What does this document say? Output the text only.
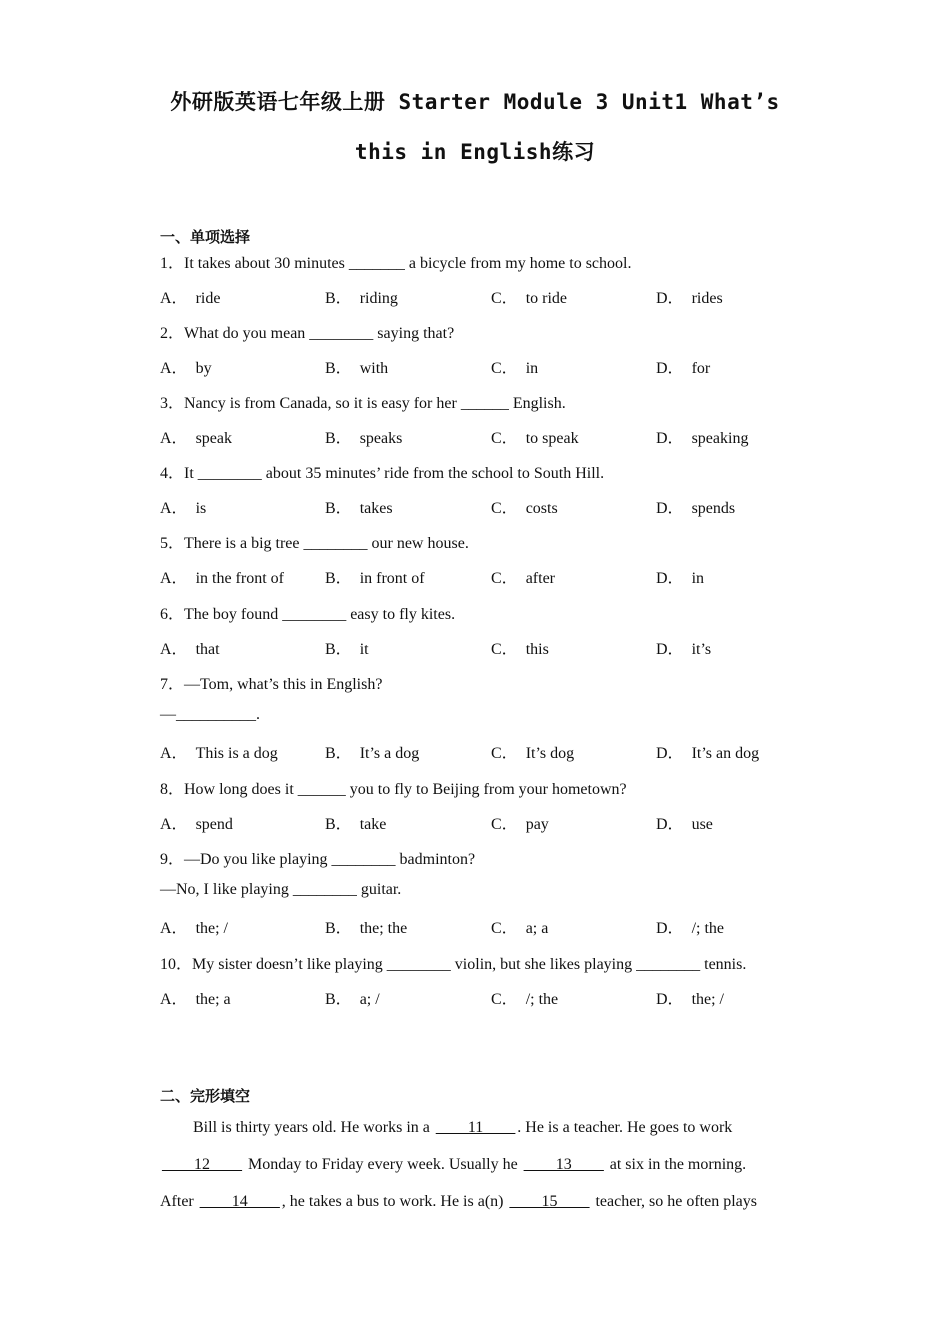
外研版英语七年级上册 Starter Module 3 Unit1 What’s
this in English练习
一、单项选择
1．It takes about 30 minutes _______ a bicycle from my home to school.
A． ride	B． riding	C． to ride	D． rides
2．What do you mean ________ saying that?
A． by	B． with	C． in	D． for
3．Nancy is from Canada, so it is easy for her ______ English.
A． speak	B． speaks	C． to speak	D． speaking
4．It ________ about 35 minutes’ ride from the school to South Hill.
A． is	B． takes	C． costs	D． spends
5．There is a big tree ________ our new house.
A． in the front of	B． in front of	C． after	D． in
6．The boy found ________ easy to fly kites.
A． that	B． it	C． this	D． it’s
7．—Tom, what’s this in English?
—__________.
A． This is a dog	B． It’s a dog	C． It’s dog	D． It’s an dog
8．How long does it ______ you to fly to Beijing from your hometown?
A． spend	B． take	C． pay	D． use
9．—Do you like playing ________ badminton?
—No, I like playing ________ guitar.
A． the; /	B． the; the	C． a; a	D． /; the
10．My sister doesn’t like playing ________ violin, but she likes playing ________ tennis.
A． the; a	B． a; /	C． /; the	D． the; /
二、完形填空
Bill is thirty years old. He works in a ____11____ . He is a teacher. He goes to work
____12____ Monday to Friday every week. Usually he ____13____ at six in the morning.
After ____14____ , he takes a bus to work. He is a(n) ____15____ teacher, so he often plays
